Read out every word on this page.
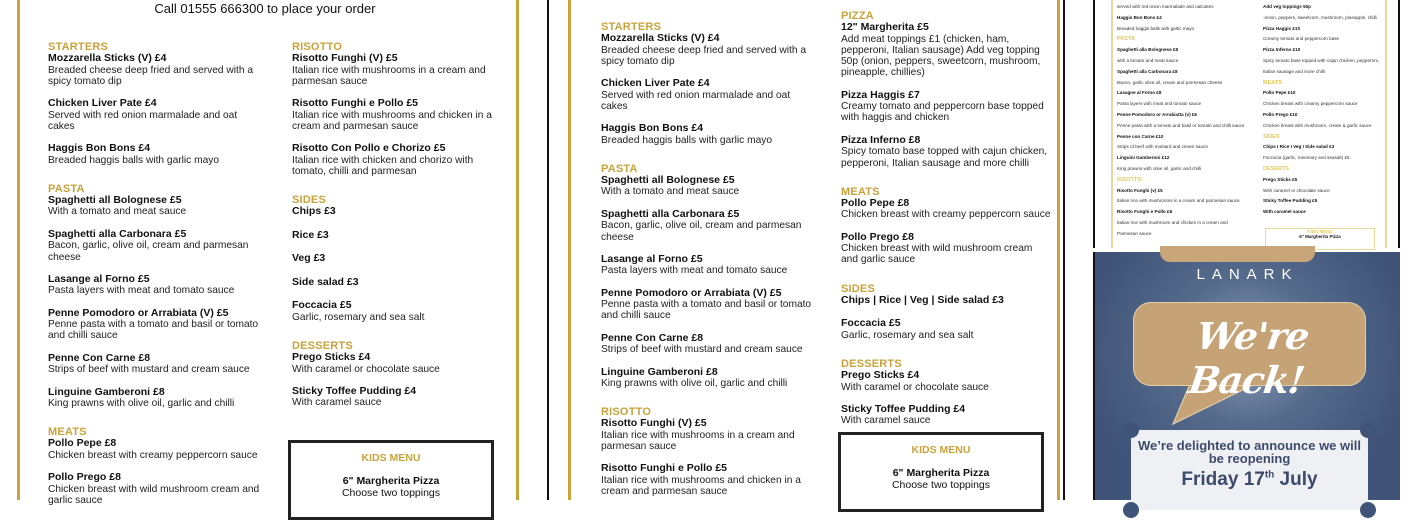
Call 01555 666300 to place your order
STARTERS
Mozzarella Sticks (V) £4
Breaded cheese deep fried and served with a spicy tomato dip
Chicken Liver Pate £4
Served with red onion marmalade and oat cakes
Haggis Bon Bons £4
Breaded haggis balls with garlic mayo
PASTA
Spaghetti all Bolognese £5
With a tomato and meat sauce
Spaghetti alla Carbonara £5
Bacon, garlic, olive oil, cream and parmesan cheese
Lasange al Forno £5
Pasta layers with meat and tomato sauce
Penne Pomodoro or Arrabiata (V) £5
Penne pasta with a tomato and basil or tomato and chilli sauce
Penne Con Carne £8
Strips of beef with mustard and cream sauce
Linguine Gamberoni £8
King prawns with olive oil, garlic and chilli
MEATS
Pollo Pepe £8
Chicken breast with creamy peppercorn sauce
Pollo Prego £8
Chicken breast with wild mushroom cream and garlic sauce
RISOTTO
Risotto Funghi (V) £5
Italian rice with mushrooms in a cream and parmesan sauce
Risotto Funghi e Pollo £5
Italian rice with mushrooms and chicken in a cream and parmesan sauce
Risotto Con Pollo e Chorizo £5
Italian rice with chicken and chorizo with tomato, chilli and parmesan
SIDES
Chips £3
Rice £3
Veg £3
Side salad £3
Foccacia £5
Garlic, rosemary and sea salt
DESSERTS
Prego Sticks £4
With caramel or chocolate sauce
Sticky Toffee Pudding £4
With caramel sauce
KIDS MENU
6" Margherita Pizza
Choose two toppings
STARTERS
Mozzarella Sticks (V) £4
Breaded cheese deep fried and served with a spicy tomato dip
Chicken Liver Pate £4
Served with red onion marmalade and oat cakes
Haggis Bon Bons £4
Breaded haggis balls with garlic mayo
PASTA
Spaghetti all Bolognese £5
With a tomato and meat sauce
Spaghetti alla Carbonara £5
Bacon, garlic, olive oil, cream and parmesan cheese
Lasange al Forno £5
Pasta layers with meat and tomato sauce
Penne Pomodoro or Arrabiata (V) £5
Penne pasta with a tomato and basil or tomato and chilli sauce
Penne Con Carne £8
Strips of beef with mustard and cream sauce
Linguine Gamberoni £8
King prawns with olive oil, garlic and chilli
RISOTTO
Risotto Funghi (V) £5
Italian rice with mushrooms in a cream and parmesan sauce
Risotto Funghi e Pollo £5
Italian rice with mushrooms and chicken in a cream and parmesan sauce
PIZZA
12" Margherita £5
Add meat toppings £1 (chicken, ham, pepperoni, Italian sausage) Add veg topping 50p (onion, peppers, sweetcorn, mushroom, pineapple, chillies)
Pizza Haggis £7
Creamy tomato and peppercorn base topped with haggis and chicken
Pizza Inferno £8
Spicy tomato base topped with cajun chicken, pepperoni, Italian sausage and more chilli
MEATS
Pollo Pepe £8
Chicken breast with creamy peppercorn sauce
Pollo Prego £8
Chicken breast with wild mushroom cream and garlic sauce
SIDES
Chips | Rice | Veg | Side salad £3
Foccacia £5
Garlic, rosemary and sea salt
DESSERTS
Prego Sticks £4
With caramel or chocolate sauce
Sticky Toffee Pudding £4
With caramel sauce
KIDS MENU
6" Margherita Pizza
Choose two toppings
served with red onion marmalade and oatcakes
Haggis Bon Bons £4
Breaded haggis balls with garlic mayo
PASTA
Spaghetti alla Bolognese £8
with a tomato and meat sauce
Spaghetti alla Carbonara £8
Bacon, garlic olive oil, cream and parmesan cheese
Lasagne al Forno £8
Pasta layers with meat and tomato sauce
Penne Pomodoro or Arrabiatta (v) £6
Penne pasta with a tomato and basil or tomato and chilli sauce
Penne con Carne £10
Strips of beef with mustard and cream sauce
Linguini Gamberoni £12
King prawns with olive oil, garlic and chilli
RISOTTO
Risotto Funghi (v) £5
Italian rice with mushrooms in a cream and parmesan sauce
Risotto Funghi e Pollo £6
Italian rice with mushroom and chicken in a cream and
Parmesan sauce
Add veg toppings 50p
-onion, peppers, sweetcorn, mushroom, pineapple, chilli
Pizza Haggis £10
Creamy tomato and peppercorn base
Pizza Inferno £10
Spicy tomato base topped with cajun chicken, pepperoni,
Italian sausage and more chilli
MEATS
Pollo Pepe £10
Chicken breast with creamy peppercorn sauce
Pollo Prego £10
Chicken breast with mushroom, cream & garlic sauce
SIDES
Chips I Rice I Veg I Side salad £3
Foccacia (garlic, rosemary and seasalt) £5
DESERTS
Prego Sticks £5
With caramel or chocolate sauce
Sticky Toffee Pudding £5
With caramel sauce
KIDS MENU
6" Margherita Pizza
LANARK
We're Back!
We’re delighted to announce we will be reopening
Friday 17th July
